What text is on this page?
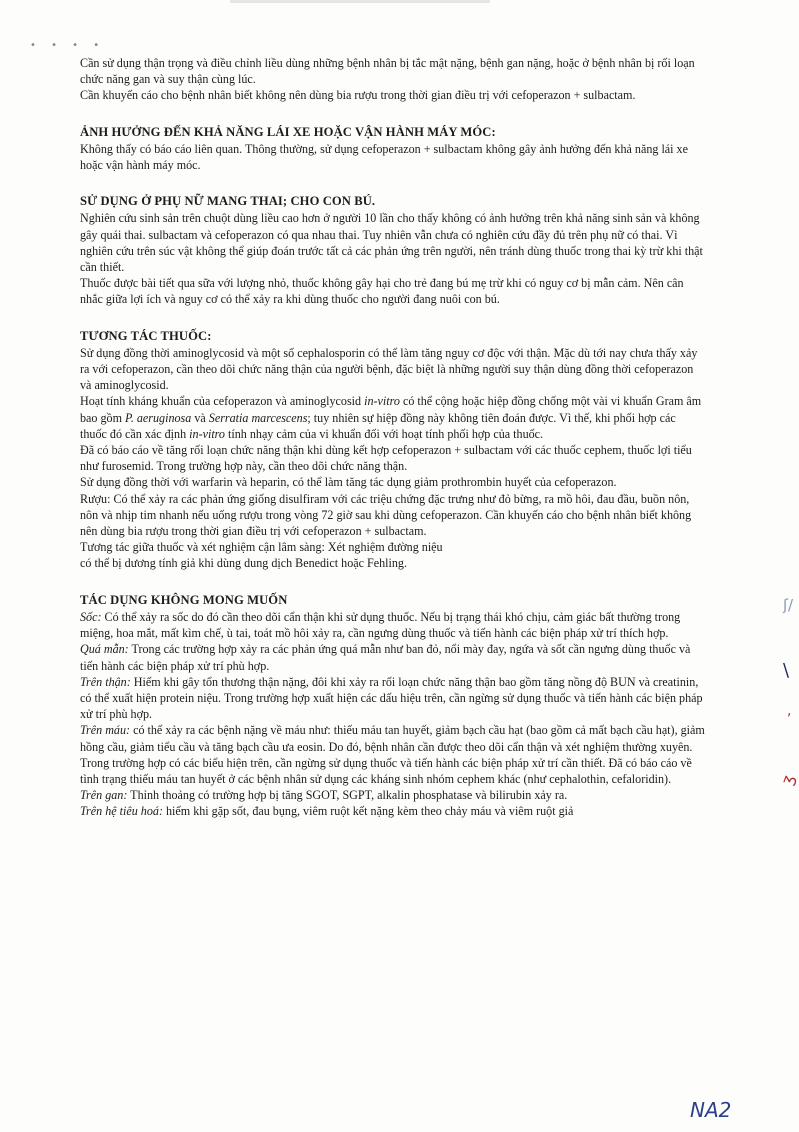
• • • •

Cần sử dụng thận trọng và điều chỉnh liều dùng những bệnh nhân bị tắc mật nặng, bệnh gan nặng, hoặc ở bệnh nhân bị rối loạn chức năng gan và suy thận cùng lúc.

Cần khuyến cáo cho bệnh nhân biết không nên dùng bia rượu trong thời gian điều trị với cefoperazon + sulbactam.

ẢNH HƯỞNG ĐẾN KHẢ NĂNG LÁI XE HOẶC VẬN HÀNH MÁY MÓC:

Không thấy có báo cáo liên quan. Thông thường, sử dụng cefoperazon + sulbactam không gây ảnh hưởng đến khả năng lái xe hoặc vận hành máy móc.

SỬ DỤNG Ở PHỤ NỮ MANG THAI; CHO CON BÚ.

Nghiên cứu sinh sản trên chuột dùng liều cao hơn ở người 10 lần cho thấy không có ảnh hưởng trên khả năng sinh sản và không gây quái thai. sulbactam và cefoperazon có qua nhau thai. Tuy nhiên vẫn chưa có nghiên cứu đầy đủ trên phụ nữ có thai. Vì nghiên cứu trên súc vật không thể giúp đoán trước tất cả các phản ứng trên người, nên tránh dùng thuốc trong thai kỳ trừ khi thật cần thiết.

Thuốc được bài tiết qua sữa với lượng nhỏ, thuốc không gây hại cho trẻ đang bú mẹ trừ khi có nguy cơ bị mẫn cảm. Nên cân nhắc giữa lợi ích và nguy cơ có thể xảy ra khi dùng thuốc cho người đang nuôi con bú.

TƯƠNG TÁC THUỐC:

Sử dụng đồng thời aminoglycosid và một số cephalosporin có thể làm tăng nguy cơ độc với thận. Mặc dù tới nay chưa thấy xảy ra với cefoperazon, cần theo dõi chức năng thận của người bệnh, đặc biệt là những người suy thận dùng đồng thời cefoperazon và aminoglycosid.

Hoạt tính kháng khuẩn của cefoperazon và aminoglycosid in-vitro có thể cộng hoặc hiệp đồng chống một vài vi khuẩn Gram âm bao gồm P. aeruginosa và Serratia marcescens; tuy nhiên sự hiệp đồng này không tiên đoán được. Vì thế, khi phối hợp các thuốc đó cần xác định in-vitro tính nhạy cảm của vi khuẩn đối với hoạt tính phối hợp của thuốc.

Đã có báo cáo về tăng rối loạn chức năng thận khi dùng kết hợp cefoperazon + sulbactam với các thuốc cephem, thuốc lợi tiểu như furosemid. Trong trường hợp này, cần theo dõi chức năng thận.

Sử dụng đồng thời với warfarin và heparin, có thể làm tăng tác dụng giảm prothrombin huyết của cefoperazon.

Rượu: Có thể xảy ra các phản ứng giống disulfiram với các triệu chứng đặc trưng như đỏ bừng, ra mồ hôi, đau đầu, buồn nôn, nôn và nhịp tim nhanh nếu uống rượu trong vòng 72 giờ sau khi dùng cefoperazon. Cần khuyến cáo cho bệnh nhân biết không nên dùng bia rượu trong thời gian điều trị với cefoperazon + sulbactam.

Tương tác giữa thuốc và xét nghiệm cận lâm sàng: Xét nghiệm đường niệu

có thể bị dương tính giả khi dùng dung dịch Benedict hoặc Fehling.

TÁC DỤNG KHÔNG MONG MUỐN

Sốc: Có thể xảy ra sốc do đó cần theo dõi cẩn thận khi sử dụng thuốc. Nếu bị trạng thái khó chịu, cảm giác bất thường trong miệng, hoa mắt, mất kìm chế, ù tai, toát mồ hôi xảy ra, cần ngưng dùng thuốc và tiến hành các biện pháp xử trí thích hợp.

Quá mẫn: Trong các trường hợp xảy ra các phản ứng quá mẫn như ban đỏ, nổi mày đay, ngứa và sốt cần ngưng dùng thuốc và tiến hành các biện pháp xử trí phù hợp.

Trên thận: Hiếm khi gây tổn thương thận nặng, đôi khi xảy ra rối loạn chức năng thận bao gồm tăng nồng độ BUN và creatinin, có thể xuất hiện protein niệu. Trong trường hợp xuất hiện các dấu hiệu trên, cần ngừng sử dụng thuốc và tiến hành các biện pháp xử trí phù hợp.

Trên máu: có thể xảy ra các bệnh nặng về máu như: thiếu máu tan huyết, giảm bạch cầu hạt (bao gồm cả mất bạch cầu hạt), giảm hồng cầu, giảm tiểu cầu và tăng bạch cầu ưa eosin. Do đó, bệnh nhân cần được theo dõi cẩn thận và xét nghiệm thường xuyên. Trong trường hợp có các biểu hiện trên, cần ngừng sử dụng thuốc và tiến hành các biện pháp xử trí cần thiết. Đã có báo cáo về tình trạng thiếu máu tan huyết ở các bệnh nhân sử dụng các kháng sinh nhóm cephem khác (như cephalothin, cefaloridin).

Trên gan: Thỉnh thoảng có trường hợp bị tăng SGOT, SGPT, alkalin phosphatase và bilirubin xảy ra.

Trên hệ tiêu hoá: hiếm khi gặp sốt, đau bụng, viêm ruột kết nặng kèm theo chảy máu và viêm ruột giả

ʃ/
\
,
ʒ
NA2
